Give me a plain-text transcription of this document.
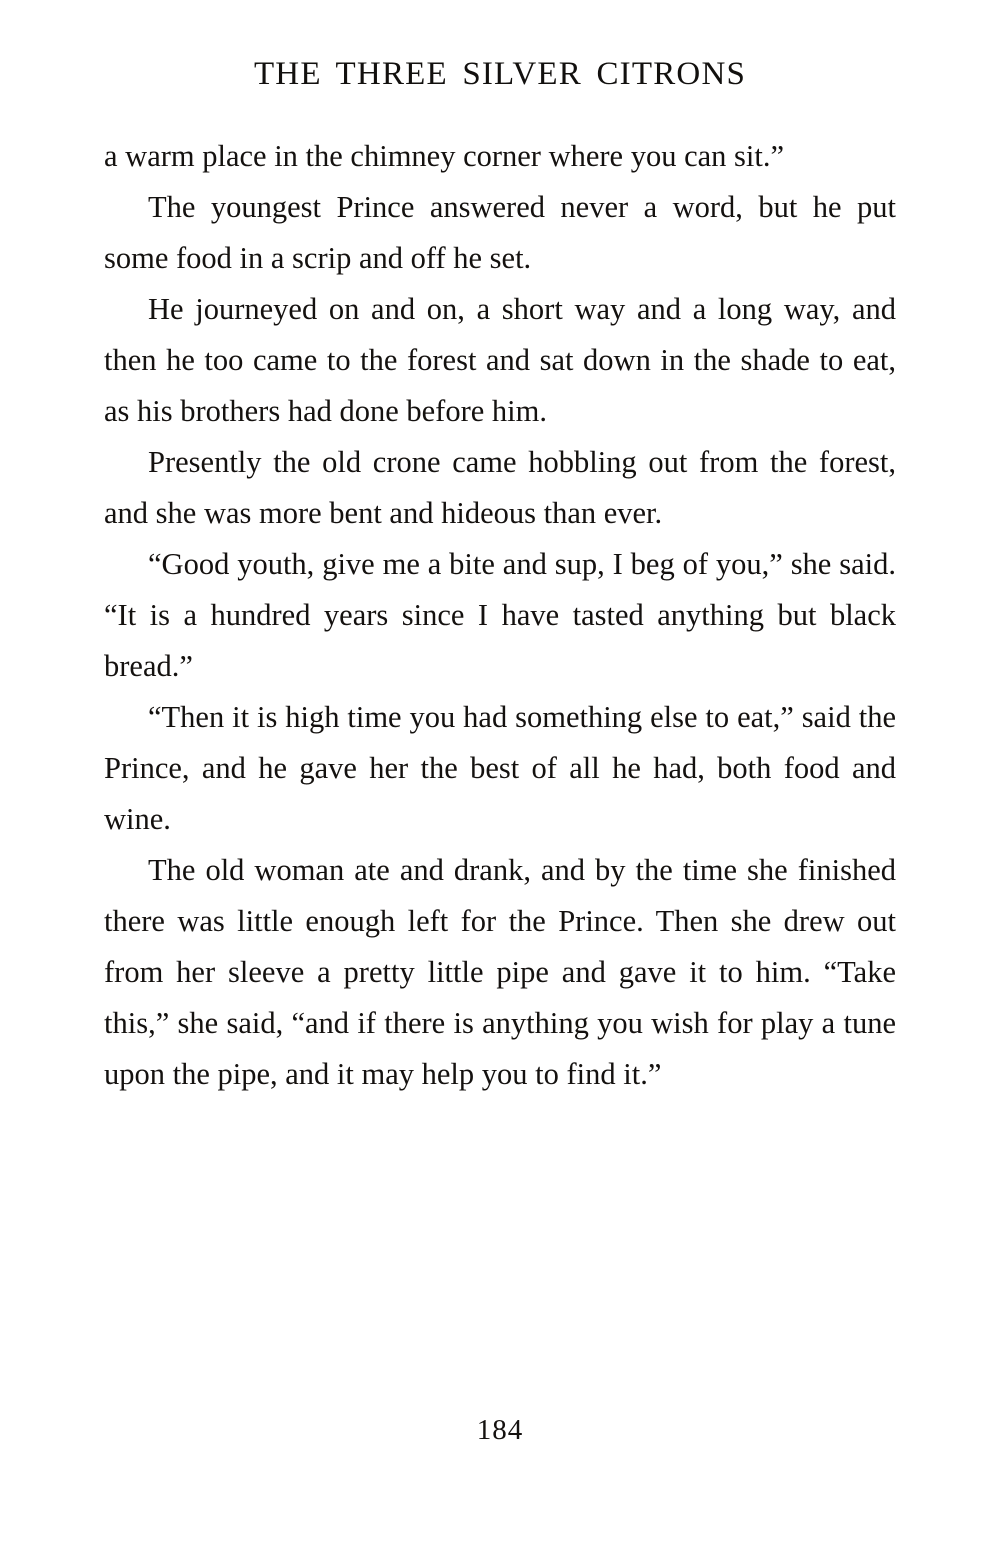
THE THREE SILVER CITRONS

a warm place in the chimney corner where you can sit.”

The youngest Prince answered never a word, but he put some food in a scrip and off he set.

He journeyed on and on, a short way and a long way, and then he too came to the forest and sat down in the shade to eat, as his brothers had done before him.

Presently the old crone came hobbling out from the forest, and she was more bent and hideous than ever.

“Good youth, give me a bite and sup, I beg of you,” she said. “It is a hundred years since I have tasted anything but black bread.”

“Then it is high time you had something else to eat,” said the Prince, and he gave her the best of all he had, both food and wine.

The old woman ate and drank, and by the time she finished there was little enough left for the Prince. Then she drew out from her sleeve a pretty little pipe and gave it to him. “Take this,” she said, “and if there is anything you wish for play a tune upon the pipe, and it may help you to find it.”

184
